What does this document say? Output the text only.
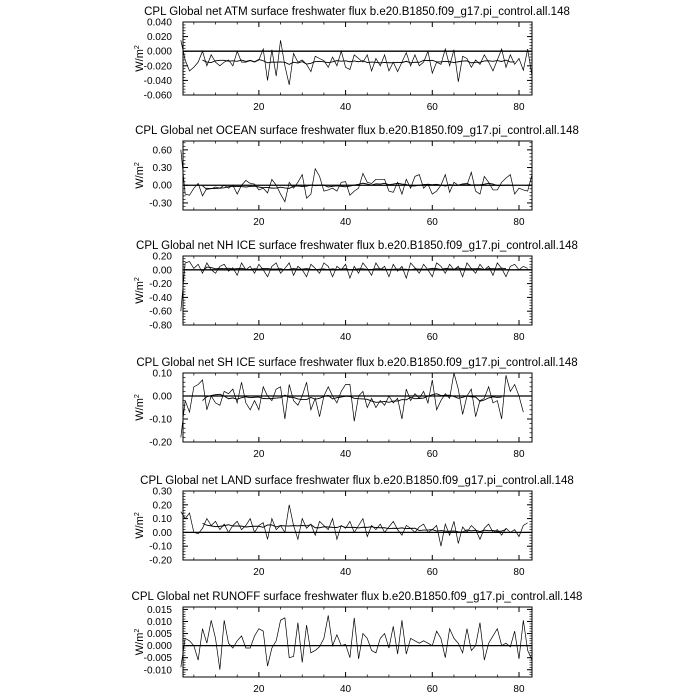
CPL Global net ATM surface freshwater flux b.e20.B1850.f09_g17.pi_control.all.148
$W/m^2$
0.040
0.020
0.000
-0.020
-0.040
-0.060
20	40	60	80
CPL Global net OCEAN surface freshwater flux b.e20.B1850.f09_g17.pi_control.all.148
$W/m^2$
0.60
0.30
0.00
-0.30
20	40	60	80
CPL Global net NH ICE surface freshwater flux b.e20.B1850.f09_g17.pi_control.all.148
$W/m^2$
0.20
0.00
-0.20
-0.40
-0.60
-0.80
20	40	60	80
CPL Global net SH ICE surface freshwater flux b.e20.B1850.f09_g17.pi_control.all.148
$W/m^2$
0.10
0.00
-0.10
-0.20
20	40	60	80
CPL Global net LAND surface freshwater flux b.e20.B1850.f09_g17.pi_control.all.148
$W/m^2$
0.30
0.20
0.10
0.00
-0.10
-0.20
20	40	60	80
CPL Global net RUNOFF surface freshwater flux b.e20.B1850.f09_g17.pi_control.all.148
$W/m^2$
0.015
0.010
0.005
0.000
-0.005
-0.010
20	40	60	80
